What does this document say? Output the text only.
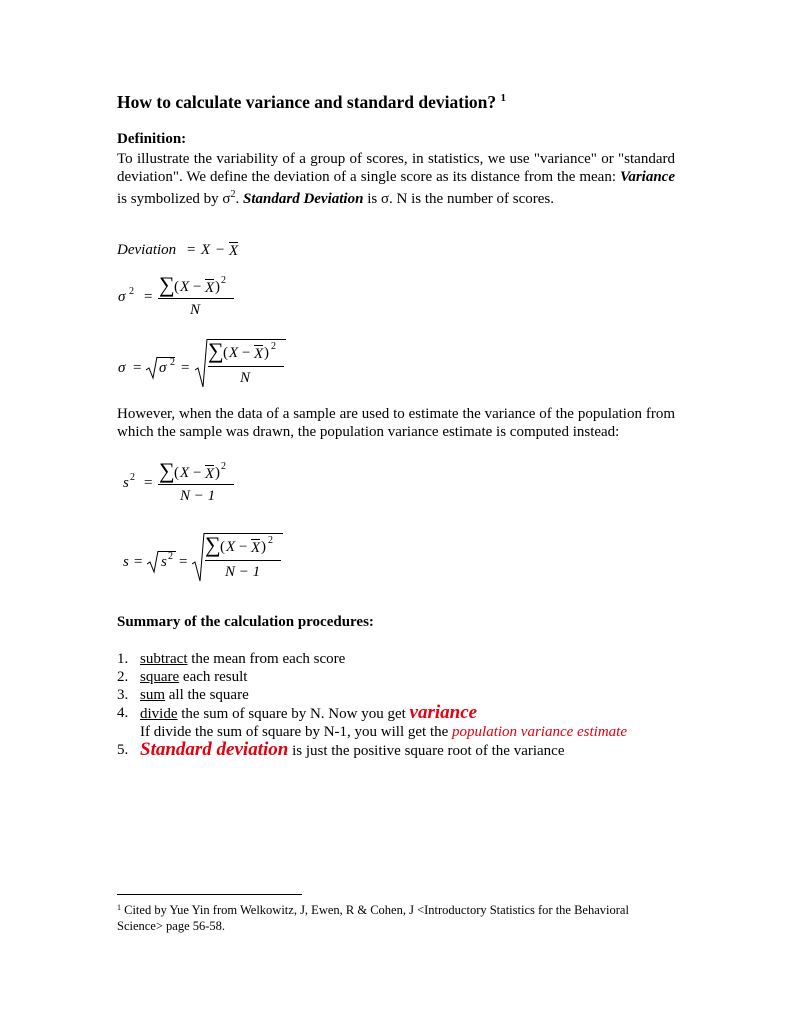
How to calculate variance and standard deviation? $^1$
Definition:

To illustrate the variability of a group of scores, in statistics, we use "variance" or "standard deviation". We define the deviation of a single score as its distance from the mean: Variance is symbolized by $\sigma^2$. Standard Deviation is σ. N is the number of scores.

Deviation = X − X
σ 2 = ∑ ( X − X ) 2
N
σ = σ 2 =
∑ ( X − X ) 2
N

However, when the data of a sample are used to estimate the variance of the population from which the sample was drawn, the population variance estimate is computed instead:

s 2 = ∑ ( X − X ) 2
N − 1
s = s 2 =
∑ ( X − X ) 2
N − 1
Summary of the calculation procedures:
1. subtract the mean from each score
2. square each result
3. sum all the square
4. divide the sum of square by N. Now you get variance
If divide the sum of square by N-1, you will get the population variance estimate
5. Standard deviation is just the positive square root of the variance

$^1$ Cited by Yue Yin from Welkowitz, J, Ewen, R & Cohen, J <Introductory Statistics for the Behavioral Science> page 56-58.
